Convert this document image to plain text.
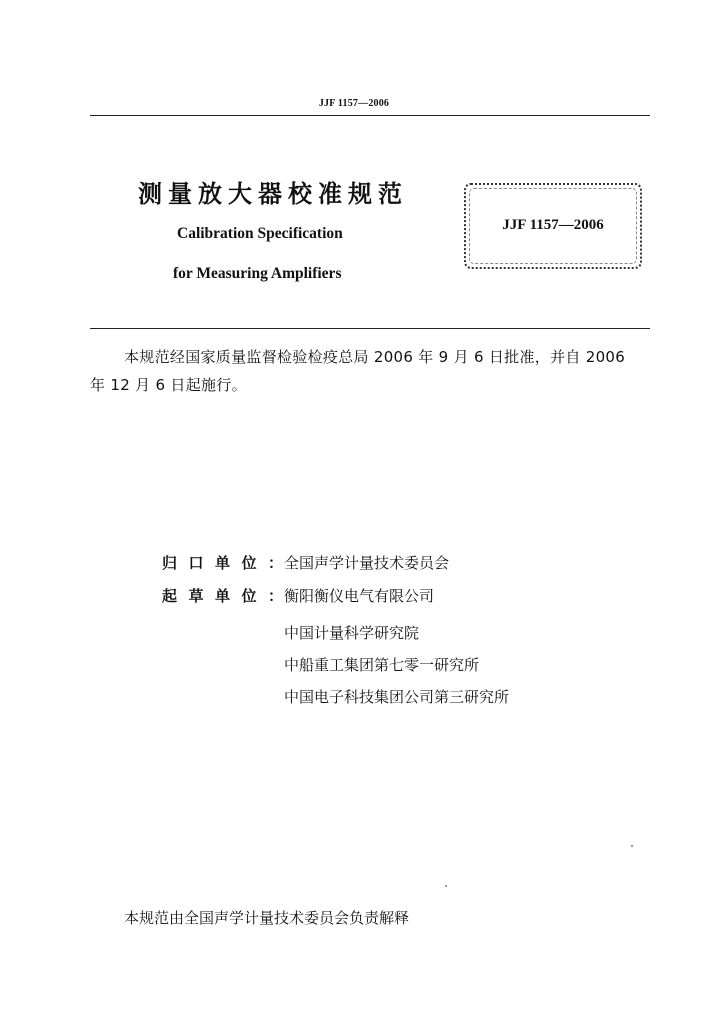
JJF 1157—2006
测量放大器校准规范
Calibration Specification
for Measuring Amplifiers
JJF 1157—2006
本规范经国家质量监督检验检疫总局 2006 年 9 月 6 日批准，并自 2006
年 12 月 6 日起施行。
归口单位：
全国声学计量技术委员会
起草单位：
衡阳衡仪电气有限公司
中国计量科学研究院
中船重工集团第七零一研究所
中国电子科技集团公司第三研究所
本规范由全国声学计量技术委员会负责解释
